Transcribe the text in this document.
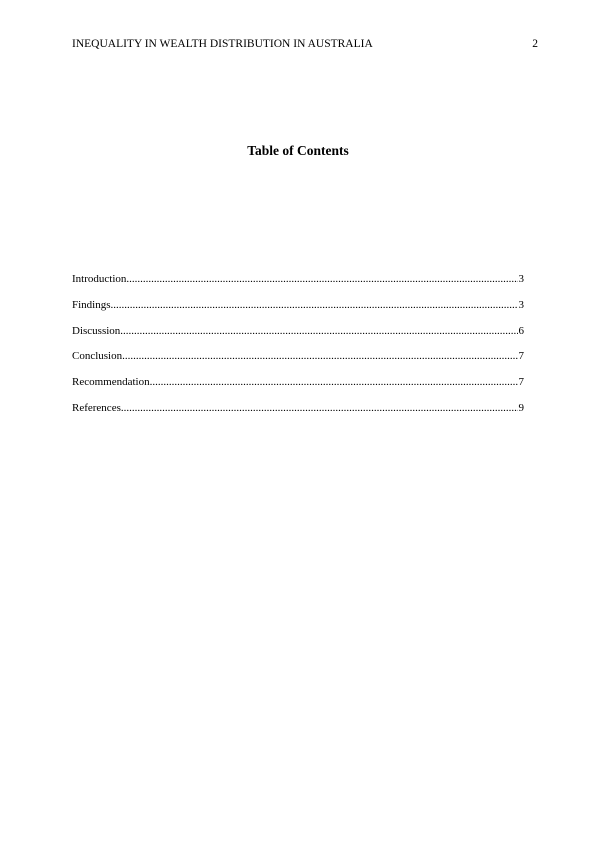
INEQUALITY IN WEALTH DISTRIBUTION IN AUSTRALIA	2
Table of Contents
Introduction .....	3
Findings .....	3
Discussion .....	6
Conclusion .....	7
Recommendation .....	7
References .....	9
